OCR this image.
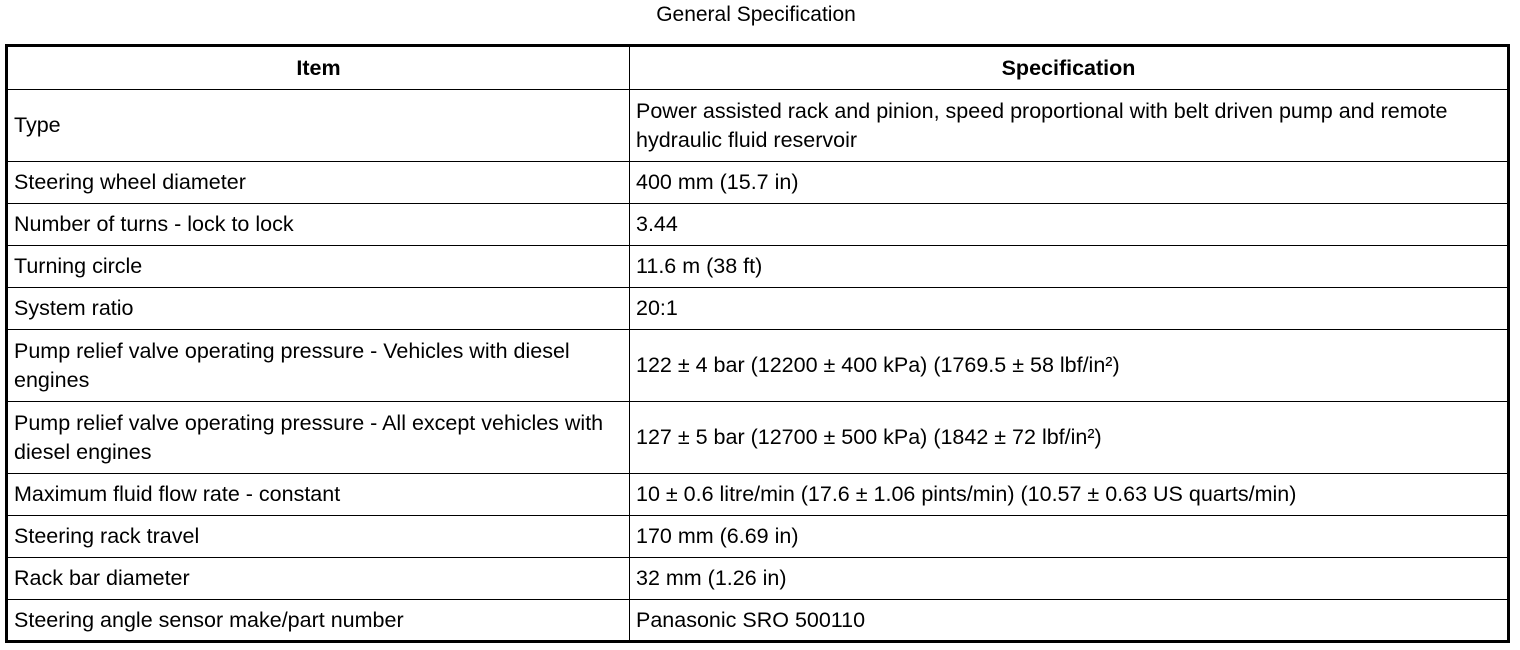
General Specification
Item	Specification
Type	Power assisted rack and pinion, speed proportional with belt driven pump and remote hydraulic fluid reservoir
Steering wheel diameter	400 mm (15.7 in)
Number of turns - lock to lock	3.44
Turning circle	11.6 m (38 ft)
System ratio	20:1
Pump relief valve operating pressure - Vehicles with diesel engines	122 ± 4 bar (12200 ± 400 kPa) (1769.5 ± 58 lbf/in²)
Pump relief valve operating pressure - All except vehicles with diesel engines	127 ± 5 bar (12700 ± 500 kPa) (1842 ± 72 lbf/in²)
Maximum fluid flow rate - constant	10 ± 0.6 litre/min (17.6 ± 1.06 pints/min) (10.57 ± 0.63 US quarts/min)
Steering rack travel	170 mm (6.69 in)
Rack bar diameter	32 mm (1.26 in)
Steering angle sensor make/part number	Panasonic SRO 500110
